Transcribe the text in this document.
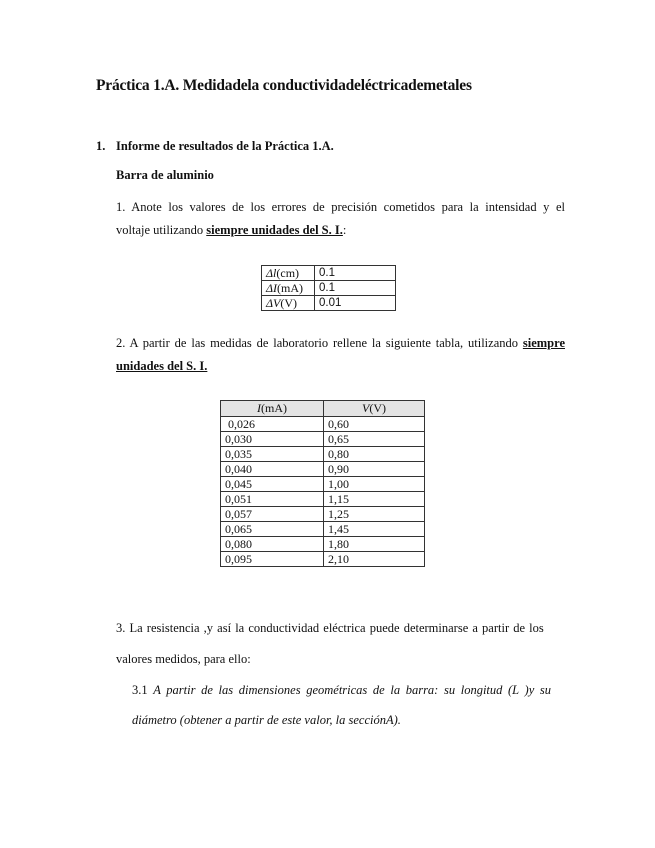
Práctica 1.A. Medidadela conductividadeléctricademetales
1. Informe de resultados de la Práctica 1.A.
Barra de aluminio
1. Anote los valores de los errores de precisión cometidos para la intensidad y el
voltaje utilizando siempre unidades del S. I.:
Δl(cm)	0.1
ΔI(mA)	0.1
ΔV(V)	0.01
2. A partir de las medidas de laboratorio rellene la siguiente tabla, utilizando siempre
unidades del S. I.
I(mA)	V(V)
0,026	0,60
0,030	0,65
0,035	0,80
0,040	0,90
0,045	1,00
0,051	1,15
0,057	1,25
0,065	1,45
0,080	1,80
0,095	2,10
3. La resistencia ,y así la conductividad eléctrica puede determinarse a partir de los
valores medidos, para ello:
3.1 A partir de las dimensiones geométricas de la barra: su longitud (L )y su
diámetro (obtener a partir de este valor, la secciónA).
